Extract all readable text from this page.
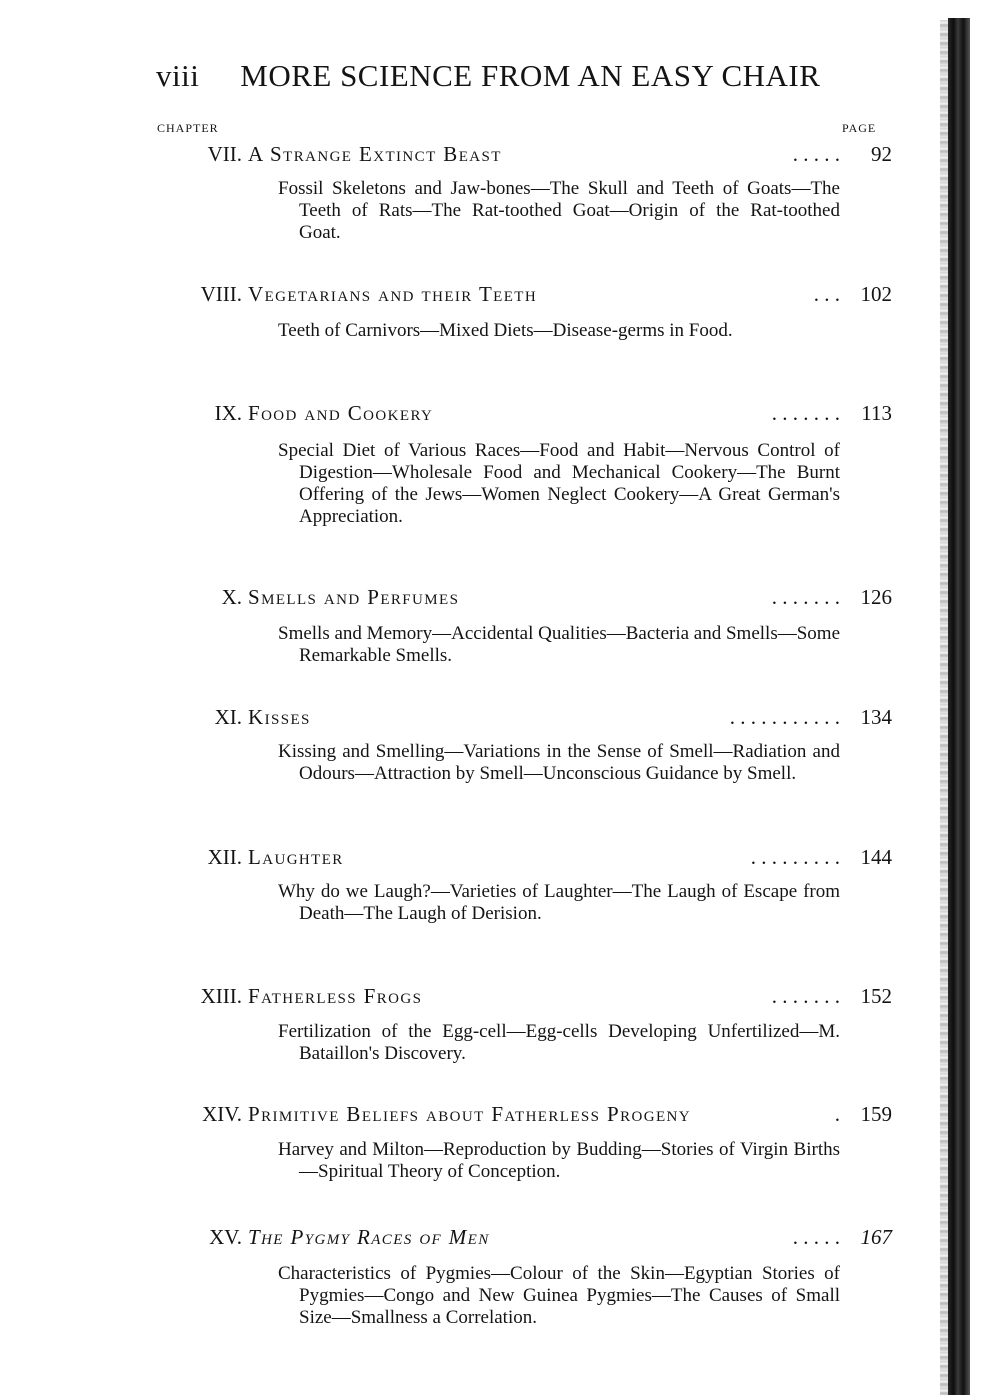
viii MORE SCIENCE FROM AN EASY CHAIR
CHAPTER	PAGE
VII. A Strange Extinct Beast	. . . . .	92
Fossil Skeletons and Jaw-bones—The Skull and Teeth of Goats—The Teeth of Rats—The Rat-toothed Goat—Origin of the Rat-toothed Goat.
VIII. Vegetarians and their Teeth	. . . 102
Teeth of Carnivors—Mixed Diets—Disease-germs in Food.
IX. Food and Cookery	. . . . . . .	113
Special Diet of Various Races—Food and Habit—Nervous Control of Digestion—Wholesale Food and Mechanical Cookery—The Burnt Offering of the Jews—Women Neglect Cookery—A Great German's Appreciation.
X. Smells and Perfumes	. . . . . . . 126
Smells and Memory—Accidental Qualities—Bacteria and Smells—Some Remarkable Smells.
XI. Kisses	. . . . . . . . . . . 134
Kissing and Smelling—Variations in the Sense of Smell—Radiation and Odours—Attraction by Smell—Unconscious Guidance by Smell.
XII. Laughter	. . . . . . . . . 144
Why do we Laugh?—Varieties of Laughter—The Laugh of Escape from Death—The Laugh of Derision.
XIII. Fatherless Frogs	. . . . . . . 152
Fertilization of the Egg-cell—Egg-cells Developing Unfertilized—M. Bataillon's Discovery.
XIV. Primitive Beliefs about Fatherless Progeny	. 159
Harvey and Milton—Reproduction by Budding—Stories of Virgin Births—Spiritual Theory of Conception.
XV. The Pygmy Races of Men	. . . . . 167
Characteristics of Pygmies—Colour of the Skin—Egyptian Stories of Pygmies—Congo and New Guinea Pygmies—The Causes of Small Size—Smallness a Correlation.
